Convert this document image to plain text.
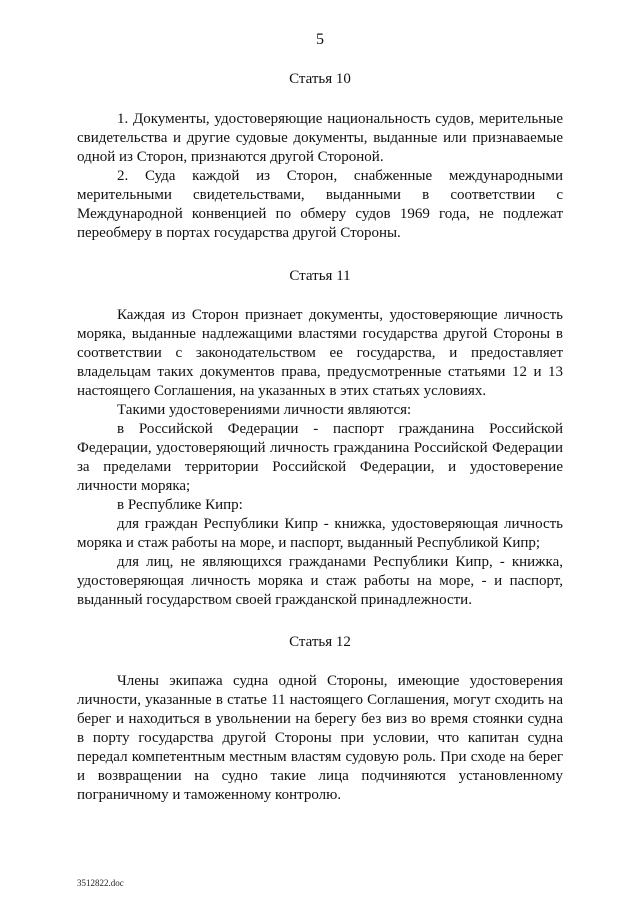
5
Статья 10

1. Документы, удостоверяющие национальность судов, мерительные свидетельства и другие судовые документы, выданные или признаваемые одной из Сторон, признаются другой Стороной.

2. Суда каждой из Сторон, снабженные международными мерительными свидетельствами, выданными в соответствии с Международной конвенцией по обмеру судов 1969 года, не подлежат переобмеру в портах государства другой Стороны.

Статья 11

Каждая из Сторон признает документы, удостоверяющие личность моряка, выданные надлежащими властями государства другой Стороны в соответствии с законодательством ее государства, и предоставляет владельцам таких документов права, предусмотренные статьями 12 и 13 настоящего Соглашения, на указанных в этих статьях условиях.

Такими удостоверениями личности являются:

в Российской Федерации - паспорт гражданина Российской Федерации, удостоверяющий личность гражданина Российской Федерации за пределами территории Российской Федерации, и удостоверение личности моряка;

в Республике Кипр:

для граждан Республики Кипр - книжка, удостоверяющая личность моряка и стаж работы на море, и паспорт, выданный Республикой Кипр;

для лиц, не являющихся гражданами Республики Кипр, - книжка, удостоверяющая личность моряка и стаж работы на море, - и паспорт, выданный государством своей гражданской принадлежности.

Статья 12

Члены экипажа судна одной Стороны, имеющие удостоверения личности, указанные в статье 11 настоящего Соглашения, могут сходить на берег и находиться в увольнении на берегу без виз во время стоянки судна в порту государства другой Стороны при условии, что капитан судна передал компетентным местным властям судовую роль. При сходе на берег и возвращении на судно такие лица подчиняются установленному пограничному и таможенному контролю.

3512822.doc
